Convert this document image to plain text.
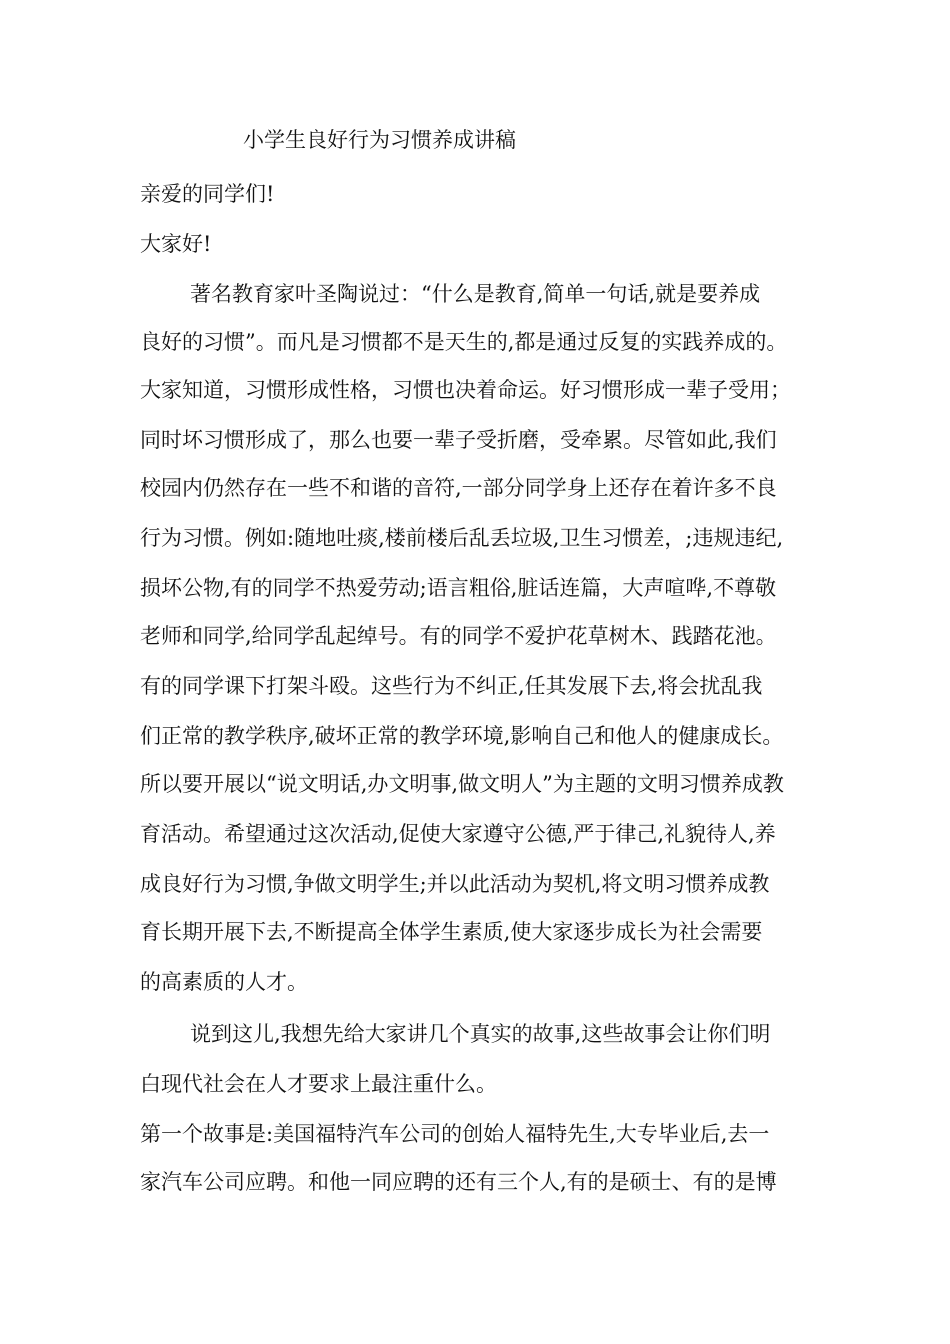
小学生良好行为习惯养成讲稿

亲爱的同学们!

大家好!

著名教育家叶圣陶说过：“什么是教育,简单一句话,就是要养成

良好的习惯”。而凡是习惯都不是天生的,都是通过反复的实践养成的。

大家知道，习惯形成性格，习惯也决着命运。好习惯形成一辈子受用；

同时坏习惯形成了，那么也要一辈子受折磨，受牵累。尽管如此,我们

校园内仍然存在一些不和谐的音符,一部分同学身上还存在着许多不良

行为习惯。例如:随地吐痰,楼前楼后乱丢垃圾,卫生习惯差，;违规违纪,

损坏公物,有的同学不热爱劳动;语言粗俗,脏话连篇，大声喧哗,不尊敬

老师和同学,给同学乱起绰号。有的同学不爱护花草树木、践踏花池。

有的同学课下打架斗殴。这些行为不纠正,任其发展下去,将会扰乱我

们正常的教学秩序,破坏正常的教学环境,影响自己和他人的健康成长。

所以要开展以“说文明话,办文明事,做文明人”为主题的文明习惯养成教

育活动。希望通过这次活动,促使大家遵守公德,严于律己,礼貌待人,养

成良好行为习惯,争做文明学生;并以此活动为契机,将文明习惯养成教

育长期开展下去,不断提高全体学生素质,使大家逐步成长为社会需要

的高素质的人才。

说到这儿,我想先给大家讲几个真实的故事,这些故事会让你们明

白现代社会在人才要求上最注重什么。

第一个故事是:美国福特汽车公司的创始人福特先生,大专毕业后,去一

家汽车公司应聘。和他一同应聘的还有三个人,有的是硕士、有的是博
